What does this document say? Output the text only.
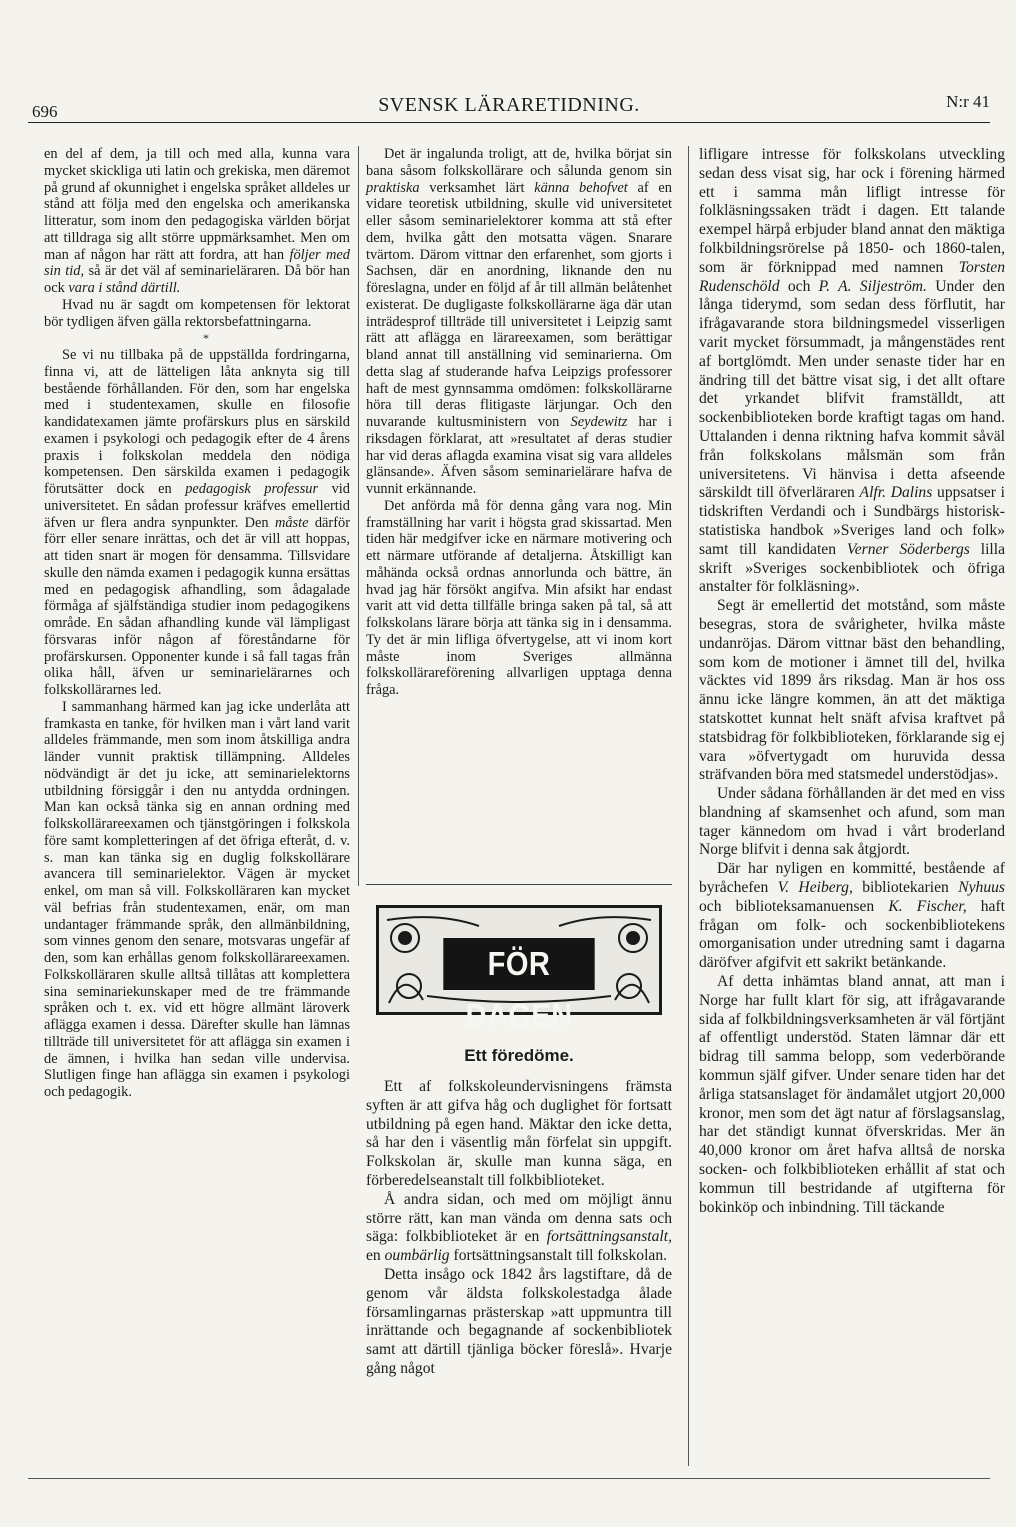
696	SVENSK LÄRARETIDNING.	N:r 41

en del af dem, ja till och med alla, kunna vara mycket skickliga uti latin och grekiska, men däremot på grund af okunnighet i engelska språket alldeles ur stånd att följa med den engelska och amerikanska litteratur, som inom den pedagogiska världen börjat att tilldraga sig allt större uppmärksamhet. Men om man af någon har rätt att fordra, att han följer med sin tid, så är det väl af seminarieläraren. Då bör han ock vara i stånd därtill.

Hvad nu är sagdt om kompetensen för lektorat bör tydligen äfven gälla rektorsbefattningarna.

*

Se vi nu tillbaka på de uppställda fordringarna, finna vi, att de lätteligen låta anknyta sig till bestående förhållanden. För den, som har engelska med i studentexamen, skulle en filosofie kandidatexamen jämte profärskurs plus en särskild examen i psykologi och pedagogik efter de 4 årens praxis i folkskolan meddela den nödiga kompetensen. Den särskilda examen i pedagogik förutsätter dock en pedagogisk professur vid universitetet. En sådan professur kräfves emellertid äfven ur flera andra synpunkter. Den måste därför förr eller senare inrättas, och det är vill att hoppas, att tiden snart är mogen för densamma. Tillsvidare skulle den nämda examen i pedagogik kunna ersättas med en pedagogisk afhandling, som ådagalade förmåga af själfständiga studier inom pedagogikens område. En sådan afhandling kunde väl lämpligast försvaras inför någon af föreståndarne för profärskursen. Opponenter kunde i så fall tagas från olika håll, äfven ur seminarielärarnes och folkskollärarnes led.

I sammanhang härmed kan jag icke underlåta att framkasta en tanke, för hvilken man i vårt land varit alldeles främmande, men som inom åtskilliga andra länder vunnit praktisk tillämpning. Alldeles nödvändigt är det ju icke, att seminarielektorns utbildning försiggår i den nu antydda ordningen. Man kan också tänka sig en annan ordning med folkskollärareexamen och tjänstgöringen i folkskola före samt kompletteringen af det öfriga efteråt, d. v. s. man kan tänka sig en duglig folkskollärare avancera till seminarielektor. Vägen är mycket enkel, om man så vill. Folkskolläraren kan mycket väl befrias från studentexamen, enär, om man undantager främmande språk, den allmänbildning, som vinnes genom den senare, motsvaras ungefär af den, som kan erhållas genom folkskollärareexamen. Folkskolläraren skulle alltså tillåtas att komplettera sina seminariekunskaper med de tre främmande språken och t. ex. vid ett högre allmänt läroverk aflägga examen i dessa. Därefter skulle han lämnas tillträde till universitetet för att aflägga sin examen i de ämnen, i hvilka han sedan ville undervisa. Slutligen finge han aflägga sin examen i psykologi och pedagogik.

Det är ingalunda troligt, att de, hvilka börjat sin bana såsom folkskollärare och sålunda genom sin praktiska verksamhet lärt känna behofvet af en vidare teoretisk utbildning, skulle vid universitetet eller såsom seminarielektorer komma att stå efter dem, hvilka gått den motsatta vägen. Snarare tvärtom. Därom vittnar den erfarenhet, som gjorts i Sachsen, där en anordning, liknande den nu föreslagna, under en följd af år till allmän belåtenhet existerat. De dugligaste folkskollärarne äga där utan inträdesprof tillträde till universitetet i Leipzig samt rätt att aflägga en lärareexamen, som berättigar bland annat till anställning vid seminarierna. Om detta slag af studerande hafva Leipzigs professorer haft de mest gynnsamma omdömen: folkskollärarne höra till deras flitigaste lärjungar. Och den nuvarande kultusministern von Seydewitz har i riksdagen förklarat, att »resultatet af deras studier har vid deras aflagda examina visat sig vara alldeles glänsande». Äfven såsom seminarielärare hafva de vunnit erkännande.

Det anförda må för denna gång vara nog. Min framställning har varit i högsta grad skissartad. Men tiden här medgifver icke en närmare motivering och ett närmare utförande af detaljerna. Åtskilligt kan måhända också ordnas annorlunda och bättre, än hvad jag här försökt angifva. Min afsikt har endast varit att vid detta tillfälle bringa saken på tal, så att folkskolans lärare börja att tänka sig in i densamma. Ty det är min lifliga öfvertygelse, att vi inom kort måste inom Sveriges allmänna folkskollärareförening allvarligen upptaga denna fråga.

FÖR DAGEN
Ett föredöme.

Ett af folkskoleundervisningens främsta syften är att gifva håg och duglighet för fortsatt utbildning på egen hand. Mäktar den icke detta, så har den i väsentlig mån förfelat sin uppgift. Folkskolan är, skulle man kunna säga, en förberedelseanstalt till folkbiblioteket.

Å andra sidan, och med om möjligt ännu större rätt, kan man vända om denna sats och säga: folkbiblioteket är en fortsättningsanstalt, en oumbärlig fortsättningsanstalt till folkskolan.

Detta insågo ock 1842 års lagstiftare, då de genom vår äldsta folkskolestadga ålade församlingarnas prästerskap »att uppmuntra till inrättande och begagnande af sockenbibliotek samt att därtill tjänliga böcker föreslå». Hvarje gång något

lifligare intresse för folkskolans utveckling sedan dess visat sig, har ock i förening härmed ett i samma mån lifligt intresse för folkläsningssaken trädt i dagen. Ett talande exempel härpå erbjuder bland annat den mäktiga folkbildningsrörelse på 1850- och 1860-talen, som är förknippad med namnen Torsten Rudenschöld och P. A. Siljeström. Under den långa tiderymd, som sedan dess förflutit, har ifrågavarande stora bildningsmedel visserligen varit mycket försummadt, ja mångenstädes rent af bortglömdt. Men under senaste tider har en ändring till det bättre visat sig, i det allt oftare det yrkandet blifvit framställdt, att sockenbiblioteken borde kraftigt tagas om hand. Uttalanden i denna riktning hafva kommit såväl från folkskolans målsmän som från universitetens. Vi hänvisa i detta afseende särskildt till öfverläraren Alfr. Dalins uppsatser i tidskriften Verdandi och i Sundbärgs historisk-statistiska handbok »Sveriges land och folk» samt till kandidaten Verner Söderbergs lilla skrift »Sveriges sockenbibliotek och öfriga anstalter för folkläsning».

Segt är emellertid det motstånd, som måste besegras, stora de svårigheter, hvilka måste undanröjas. Därom vittnar bäst den behandling, som kom de motioner i ämnet till del, hvilka väcktes vid 1899 års riksdag. Man är hos oss ännu icke längre kommen, än att det mäktiga statskottet kunnat helt snäft afvisa kraftvet på statsbidrag för folkbiblioteken, förklarande sig ej vara »öfvertygadt om huruvida dessa sträfvanden böra med statsmedel understödjas».

Under sådana förhållanden är det med en viss blandning af skamsenhet och afund, som man tager kännedom om hvad i vårt broderland Norge blifvit i denna sak åtgjordt.

Där har nyligen en kommitté, bestående af byråchefen V. Heiberg, bibliotekarien Nyhuus och biblioteksamanuensen K. Fischer, haft frågan om folk- och sockenbibliotekens omorganisation under utredning samt i dagarna däröfver afgifvit ett sakrikt betänkande.

Af detta inhämtas bland annat, att man i Norge har fullt klart för sig, att ifrågavarande sida af folkbildningsverksamheten är väl förtjänt af offentligt understöd. Staten lämnar där ett bidrag till samma belopp, som vederbörande kommun själf gifver. Under senare tiden har det årliga statsanslaget för ändamålet utgjort 20,000 kronor, men som det ägt natur af förslagsanslag, har det ständigt kunnat öfverskridas. Mer än 40,000 kronor om året hafva alltså de norska socken- och folkbiblioteken erhållit af stat och kommun till bestridande af utgifterna för bokinköp och inbindning. Till täckande
